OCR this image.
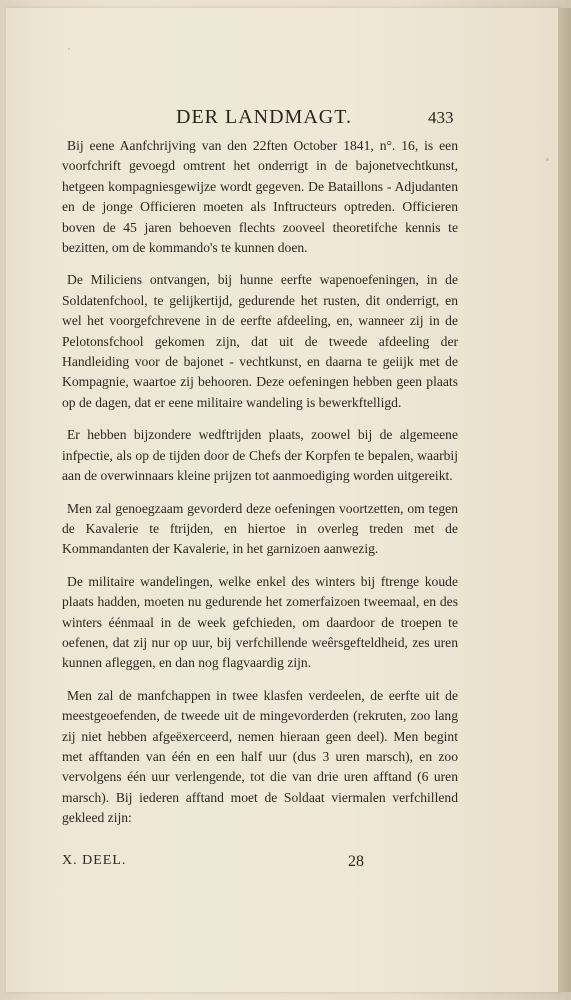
DER LANDMAGT.	433

Bij eene Aanfchrijving van den 22ften October 1841, n°. 16, is een voorfchrift gevoegd omtrent het onderrigt in de bajonetvechtkunst, hetgeen kompagniesgewijze wordt gegeven. De Bataillons - Adjudanten en de jonge Officieren moeten als Inftructeurs optreden. Officieren boven de 45 jaren behoeven flechts zooveel theoretifche kennis te bezitten, om de kommando's te kunnen doen.

De Miliciens ontvangen, bij hunne eerfte wapenoefeningen, in de Soldatenfchool, te gelijkertijd, gedurende het rusten, dit onderrigt, en wel het voorgefchrevene in de eerfte afdeeling, en, wanneer zij in de Pelotonsfchool gekomen zijn, dat uit de tweede afdeeling der Handleiding voor de bajonet - vechtkunst, en daarna te geiijk met de Kompagnie, waartoe zij behooren. Deze oefeningen hebben geen plaats op de dagen, dat er eene militaire wandeling is bewerkftelligd.

Er hebben bijzondere wedftrijden plaats, zoowel bij de algemeene infpectie, als op de tijden door de Chefs der Korpfen te bepalen, waarbij aan de overwinnaars kleine prijzen tot aanmoediging worden uitgereikt.

Men zal genoegzaam gevorderd deze oefeningen voortzetten, om tegen de Kavalerie te ftrijden, en hiertoe in overleg treden met de Kommandanten der Kavalerie, in het garnizoen aanwezig.

De militaire wandelingen, welke enkel des winters bij ftrenge koude plaats hadden, moeten nu gedurende het zomerfaizoen tweemaal, en des winters éénmaal in de week gefchieden, om daardoor de troepen te oefenen, dat zij nur op uur, bij verfchillende weêrsgefteldheid, zes uren kunnen afleggen, en dan nog flagvaardig zijn.

Men zal de manfchappen in twee klasfen verdeelen, de eerfte uit de meestgeoefenden, de tweede uit de mingevorderden (rekruten, zoo lang zij niet hebben afgeëxerceerd, nemen hieraan geen deel). Men begint met afftanden van één en een half uur (dus 3 uren marsch), en zoo vervolgens één uur verlengende, tot die van drie uren afftand (6 uren marsch). Bij iederen afftand moet de Soldaat viermalen verfchillend gekleed zijn:

X. DEEL.	28
